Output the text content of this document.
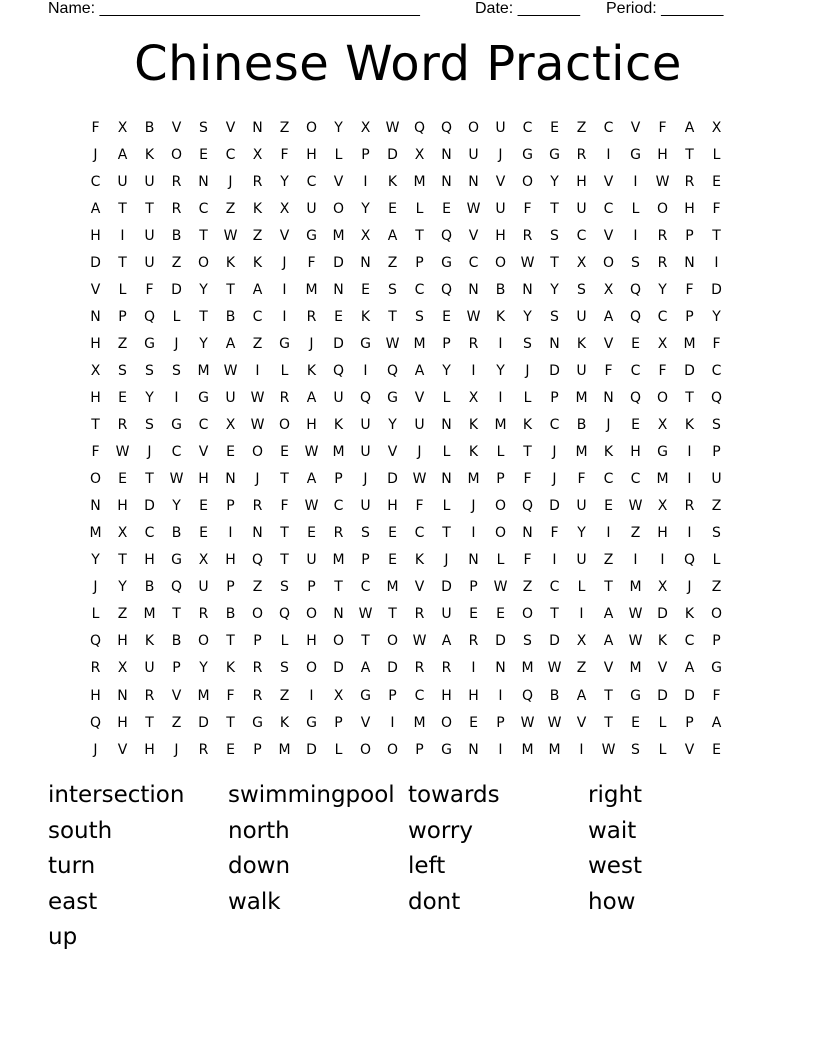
Name: ____________________________________	Date: _______ Period: _______
Chinese Word Practice
F	X	B	V	S	V	N	Z	O	Y	X	W	Q	Q	O	U	C	E	Z	C	V	F	A	X
J	A	K	O	E	C	X	F	H	L	P	D	X	N	U	J	G	G	R	I	G	H	T	L
C	U	U	R	N	J	R	Y	C	V	I	K	M	N	N	V	O	Y	H	V	I	W	R	E
A	T	T	R	C	Z	K	X	U	O	Y	E	L	E	W	U	F	T	U	C	L	O	H	F
H	I	U	B	T	W	Z	V	G	M	X	A	T	Q	V	H	R	S	C	V	I	R	P	T
D	T	U	Z	O	K	K	J	F	D	N	Z	P	G	C	O	W	T	X	O	S	R	N	I
V	L	F	D	Y	T	A	I	M	N	E	S	C	Q	N	B	N	Y	S	X	Q	Y	F	D
N	P	Q	L	T	B	C	I	R	E	K	T	S	E	W	K	Y	S	U	A	Q	C	P	Y
H	Z	G	J	Y	A	Z	G	J	D	G	W	M	P	R	I	S	N	K	V	E	X	M	F
X	S	S	S	M	W	I	L	K	Q	I	Q	A	Y	I	Y	J	D	U	F	C	F	D	C
H	E	Y	I	G	U	W	R	A	U	Q	G	V	L	X	I	L	P	M	N	Q	O	T	Q
T	R	S	G	C	X	W	O	H	K	U	Y	U	N	K	M	K	C	B	J	E	X	K	S
F	W	J	C	V	E	O	E	W	M	U	V	J	L	K	L	T	J	M	K	H	G	I	P
O	E	T	W	H	N	J	T	A	P	J	D	W	N	M	P	F	J	F	C	C	M	I	U
N	H	D	Y	E	P	R	F	W	C	U	H	F	L	J	O	Q	D	U	E	W	X	R	Z
M	X	C	B	E	I	N	T	E	R	S	E	C	T	I	O	N	F	Y	I	Z	H	I	S
Y	T	H	G	X	H	Q	T	U	M	P	E	K	J	N	L	F	I	U	Z	I	I	Q	L
J	Y	B	Q	U	P	Z	S	P	T	C	M	V	D	P	W	Z	C	L	T	M	X	J	Z
L	Z	M	T	R	B	O	Q	O	N	W	T	R	U	E	E	O	T	I	A	W	D	K	O
Q	H	K	B	O	T	P	L	H	O	T	O	W	A	R	D	S	D	X	A	W	K	C	P
R	X	U	P	Y	K	R	S	O	D	A	D	R	R	I	N	M	W	Z	V	M	V	A	G
H	N	R	V	M	F	R	Z	I	X	G	P	C	H	H	I	Q	B	A	T	G	D	D	F
Q	H	T	Z	D	T	G	K	G	P	V	I	M	O	E	P	W W	V	T	E	L	P	A
J	V	H	J	R	E	P	M	D	L	O	O	P	G	N	I	M	M	I	W	S	L	V	E
intersection swimmingpool towards	right
south	north	worry	wait
turn	down	left	west
east	walk	dont	how
up
